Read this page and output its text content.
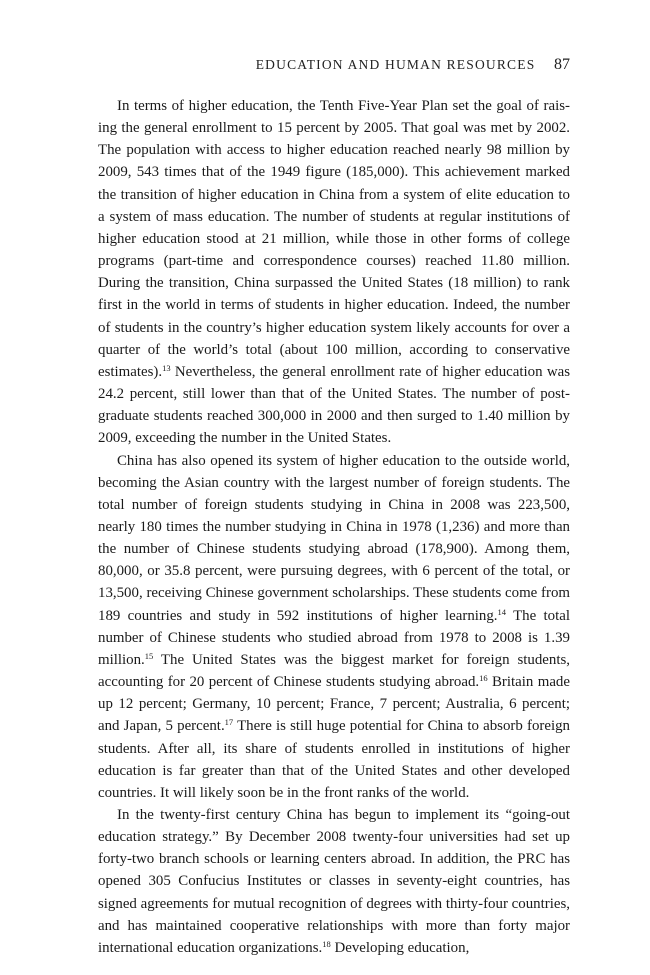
EDUCATION AND HUMAN RESOURCES 87

In terms of higher education, the Tenth Five-Year Plan set the goal of raising the general enrollment to 15 percent by 2005. That goal was met by 2002. The population with access to higher education reached nearly 98 million by 2009, 543 times that of the 1949 figure (185,000). This achievement marked the transition of higher education in China from a system of elite education to a system of mass education. The number of students at regular institutions of higher education stood at 21 million, while those in other forms of college programs (part-time and correspondence courses) reached 11.80 million. During the transition, China surpassed the United States (18 million) to rank first in the world in terms of students in higher education. Indeed, the number of students in the country’s higher education system likely accounts for over a quarter of the world’s total (about 100 million, according to conservative estimates).$^{13}$ Nevertheless, the general enrollment rate of higher education was 24.2 percent, still lower than that of the United States. The number of postgraduate students reached 300,000 in 2000 and then surged to 1.40 million by 2009, exceeding the number in the United States.

China has also opened its system of higher education to the outside world, becoming the Asian country with the largest number of foreign students. The total number of foreign students studying in China in 2008 was 223,500, nearly 180 times the number studying in China in 1978 (1,236) and more than the number of Chinese students studying abroad (178,900). Among them, 80,000, or 35.8 percent, were pursuing degrees, with 6 percent of the total, or 13,500, receiving Chinese government scholarships. These students come from 189 countries and study in 592 institutions of higher learning.$^{14}$ The total number of Chinese students who studied abroad from 1978 to 2008 is 1.39 million.$^{15}$ The United States was the biggest market for foreign students, accounting for 20 percent of Chinese students studying abroad.$^{16}$ Britain made up 12 percent; Germany, 10 percent; France, 7 percent; Australia, 6 percent; and Japan, 5 percent.$^{17}$ There is still huge potential for China to absorb foreign students. After all, its share of students enrolled in institutions of higher education is far greater than that of the United States and other developed countries. It will likely soon be in the front ranks of the world.

In the twenty-first century China has begun to implement its “going-out education strategy.” By December 2008 twenty-four universities had set up forty-two branch schools or learning centers abroad. In addition, the PRC has opened 305 Confucius Institutes or classes in seventy-eight countries, has signed agreements for mutual recognition of degrees with thirty-four countries, and has maintained cooperative relationships with more than forty major international education organizations.$^{18}$ Developing education,
